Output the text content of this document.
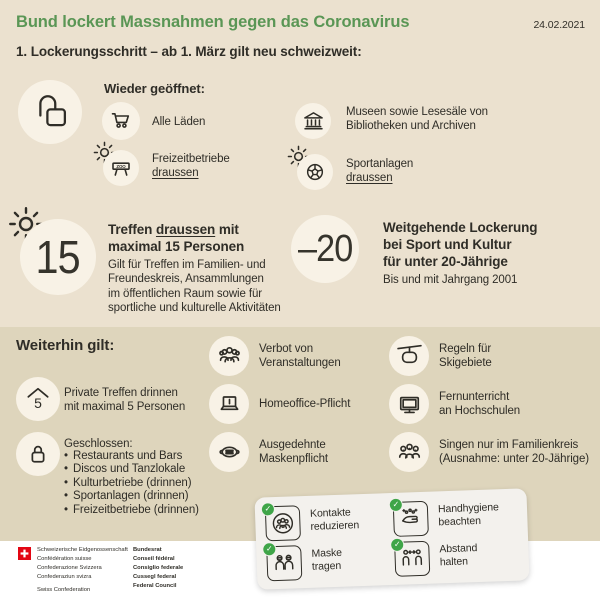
Bund lockert Massnahmen gegen das Coronavirus	24.02.2021
1. Lockerungsschritt – ab 1. März gilt neu schweizweit:
Wieder geöffnet:
Alle Läden
ZOO
Freizeitbetriebe
draussen
Museen sowie Lesesäle von
Bibliotheken und Archiven
Sportanlagen
draussen
15
Treffen draussen mit
maximal 15 Personen
Gilt für Treffen im Familien- und
Freundeskreis, Ansammlungen
im öffentlichen Raum sowie für
sportliche und kulturelle Aktivitäten
–20 Weitgehende Lockerung
bei Sport und Kultur
für unter 20-Jährige
Bis und mit Jahrgang 2001
Weiterhin gilt:
5
Private Treffen drinnen
mit maximal 5 Personen
Geschlossen:
• Restaurants und Bars
• Discos und Tanzlokale
• Kulturbetriebe (drinnen)
• Sportanlagen (drinnen)
• Freizeitbetriebe (drinnen)
Verbot von
Veranstaltungen
Homeoffice-Pflicht
Ausgedehnte
Maskenpflicht
Regeln für
Skigebiete
Fernunterricht
an Hochschulen
Singen nur im Familienkreis
(Ausnahme: unter 20-Jährige)
✓	Kontakte
reduzieren
✓	Handhygiene
beachten
✓	Maske
tragen
✓	Abstand
halten
Schweizerische Eidgenossenschaft
Confédération suisse
Confederazione Svizzera
Confederaziun svizra
Swiss Confederation
Bundesrat
Conseil fédéral
Consiglio federale
Cussegl federal
Federal Council
